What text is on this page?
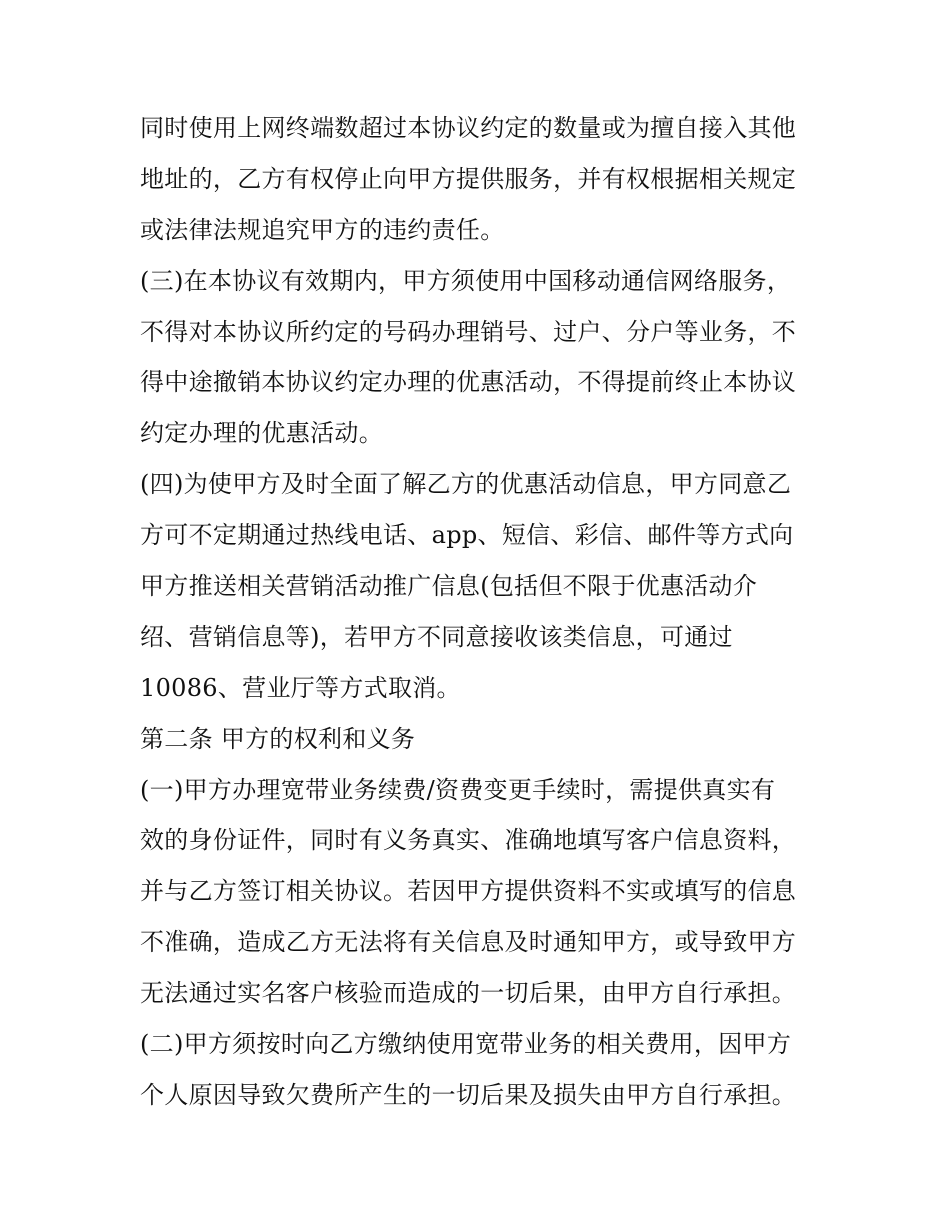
同时使用上网终端数超过本协议约定的数量或为擅自接入其他
地址的，乙方有权停止向甲方提供服务，并有权根据相关规定
或法律法规追究甲方的违约责任。
(三)在本协议有效期内，甲方须使用中国移动通信网络服务，
不得对本协议所约定的号码办理销号、过户、分户等业务，不
得中途撤销本协议约定办理的优惠活动，不得提前终止本协议
约定办理的优惠活动。
(四)为使甲方及时全面了解乙方的优惠活动信息，甲方同意乙
方可不定期通过热线电话、app、短信、彩信、邮件等方式向
甲方推送相关营销活动推广信息(包括但不限于优惠活动介
绍、营销信息等)，若甲方不同意接收该类信息，可通过
10086、营业厅等方式取消。
第二条 甲方的权利和义务
(一)甲方办理宽带业务续费/资费变更手续时，需提供真实有
效的身份证件，同时有义务真实、准确地填写客户信息资料，
并与乙方签订相关协议。若因甲方提供资料不实或填写的信息
不准确，造成乙方无法将有关信息及时通知甲方，或导致甲方
无法通过实名客户核验而造成的一切后果，由甲方自行承担。
(二)甲方须按时向乙方缴纳使用宽带业务的相关费用，因甲方
个人原因导致欠费所产生的一切后果及损失由甲方自行承担。
